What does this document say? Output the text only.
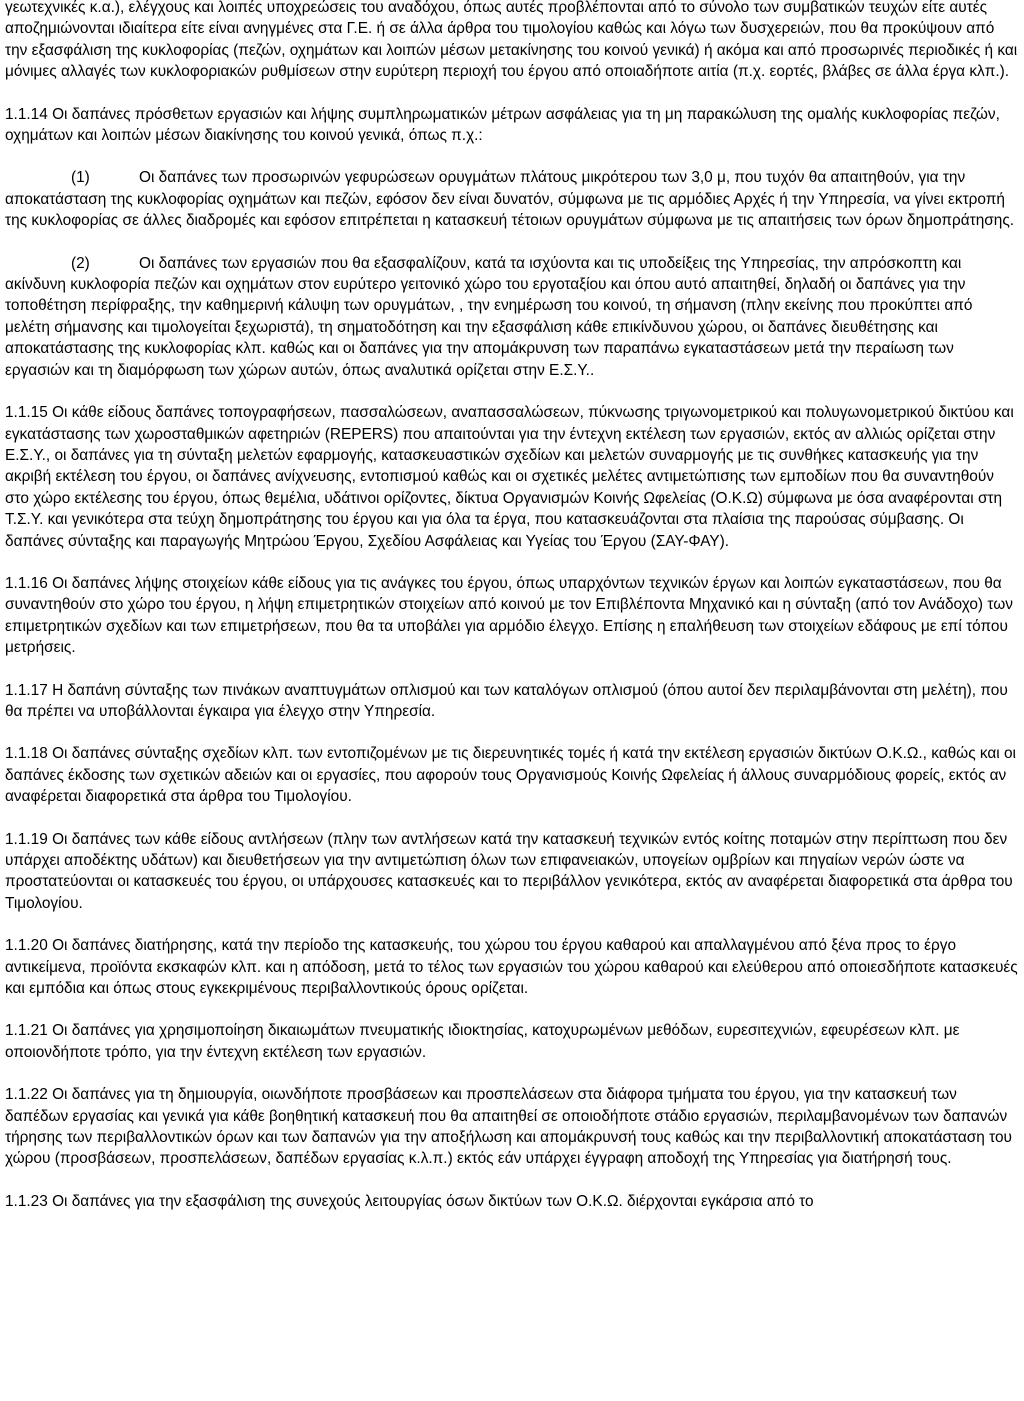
γεωτεχνικές κ.α.), ελέγχους και λοιπές υποχρεώσεις του αναδόχου, όπως αυτές προβλέπονται από το σύνολο των συμβατικών τευχών είτε αυτές αποζημιώνονται ιδιαίτερα είτε είναι ανηγμένες στα Γ.Ε. ή σε άλλα άρθρα του τιμολογίου καθώς και λόγω των δυσχερειών, που θα προκύψουν από την εξασφάλιση της κυκλοφορίας (πεζών, οχημάτων και λοιπών μέσων μετακίνησης του κοινού γενικά) ή ακόμα και από προσωρινές περιοδικές ή και μόνιμες αλλαγές των κυκλοφοριακών ρυθμίσεων στην ευρύτερη περιοχή του έργου από οποιαδήποτε αιτία (π.χ. εορτές, βλάβες σε άλλα έργα κλπ.).

1.1.14 Οι δαπάνες πρόσθετων εργασιών και λήψης συμπληρωματικών μέτρων ασφάλειας για τη μη παρακώλυση της ομαλής κυκλοφορίας πεζών, οχημάτων και λοιπών μέσων διακίνησης του κοινού γενικά, όπως π.χ.:

(1)	Οι δαπάνες των προσωρινών γεφυρώσεων ορυγμάτων πλάτους μικρότερου των 3,0 μ, που τυχόν θα απαιτηθούν, για την αποκατάσταση της κυκλοφορίας οχημάτων και πεζών, εφόσον δεν είναι δυνατόν, σύμφωνα με τις αρμόδιες Αρχές ή την Υπηρεσία, να γίνει εκτροπή της κυκλοφορίας σε άλλες διαδρομές και εφόσον επιτρέπεται η κατασκευή τέτοιων ορυγμάτων σύμφωνα με τις απαιτήσεις των όρων δημοπράτησης.

(2)	Οι δαπάνες των εργασιών που θα εξασφαλίζουν, κατά τα ισχύοντα και τις υποδείξεις της Υπηρεσίας, την απρόσκοπτη και ακίνδυνη κυκλοφορία πεζών και οχημάτων στον ευρύτερο γειτονικό χώρο του εργοταξίου και όπου αυτό απαιτηθεί, δηλαδή οι δαπάνες για την τοποθέτηση περίφραξης, την καθημερινή κάλυψη των ορυγμάτων, , την ενημέρωση του κοινού, τη σήμανση (πλην εκείνης που προκύπτει από μελέτη σήμανσης και τιμολογείται ξεχωριστά), τη σηματοδότηση και την εξασφάλιση κάθε επικίνδυνου χώρου, οι δαπάνες διευθέτησης και αποκατάστασης της κυκλοφορίας κλπ. καθώς και οι δαπάνες για την απομάκρυνση των παραπάνω εγκαταστάσεων μετά την περαίωση των εργασιών και τη διαμόρφωση των χώρων αυτών, όπως αναλυτικά ορίζεται στην Ε.Σ.Υ..

1.1.15 Οι κάθε είδους δαπάνες τοπογραφήσεων, πασσαλώσεων, αναπασσαλώσεων, πύκνωσης τριγωνομετρικού και πολυγωνομετρικού δικτύου και εγκατάστασης των χωροσταθμικών αφετηριών (REPERS) που απαιτούνται για την έντεχνη εκτέλεση των εργασιών, εκτός αν αλλιώς ορίζεται στην Ε.Σ.Υ., οι δαπάνες για τη σύνταξη μελετών εφαρμογής, κατασκευαστικών σχεδίων και μελετών συναρμογής με τις συνθήκες κατασκευής για την ακριβή εκτέλεση του έργου, οι δαπάνες ανίχνευσης, εντοπισμού καθώς και οι σχετικές μελέτες αντιμετώπισης των εμποδίων που θα συναντηθούν στο χώρο εκτέλεσης του έργου, όπως θεμέλια, υδάτινοι ορίζοντες, δίκτυα Οργανισμών Κοινής Ωφελείας (Ο.Κ.Ω) σύμφωνα με όσα αναφέρονται στη Τ.Σ.Υ. και γενικότερα στα τεύχη δημοπράτησης του έργου και για όλα τα έργα, που κατασκευάζονται στα πλαίσια της παρούσας σύμβασης. Οι δαπάνες σύνταξης και παραγωγής Μητρώου Έργου, Σχεδίου Ασφάλειας και Υγείας του Έργου (ΣΑΥ-ΦΑΥ).

1.1.16 Οι δαπάνες λήψης στοιχείων κάθε είδους για τις ανάγκες του έργου, όπως υπαρχόντων τεχνικών έργων και λοιπών εγκαταστάσεων, που θα συναντηθούν στο χώρο του έργου, η λήψη επιμετρητικών στοιχείων από κοινού με τον Επιβλέποντα Μηχανικό και η σύνταξη (από τον Ανάδοχο) των επιμετρητικών σχεδίων και των επιμετρήσεων, που θα τα υποβάλει για αρμόδιο έλεγχο. Επίσης η επαλήθευση των στοιχείων εδάφους με επί τόπου μετρήσεις.

1.1.17 Η δαπάνη σύνταξης των πινάκων αναπτυγμάτων οπλισμού και των καταλόγων οπλισμού (όπου αυτοί δεν περιλαμβάνονται στη μελέτη), που θα πρέπει να υποβάλλονται έγκαιρα για έλεγχο στην Υπηρεσία.

1.1.18 Οι δαπάνες σύνταξης σχεδίων κλπ. των εντοπιζομένων με τις διερευνητικές τομές ή κατά την εκτέλεση εργασιών δικτύων Ο.Κ.Ω., καθώς και οι δαπάνες έκδοσης των σχετικών αδειών και οι εργασίες, που αφορούν τους Οργανισμούς Κοινής Ωφελείας ή άλλους συναρμόδιους φορείς, εκτός αν αναφέρεται διαφορετικά στα άρθρα του Τιμολογίου.

1.1.19 Οι δαπάνες των κάθε είδους αντλήσεων (πλην των αντλήσεων κατά την κατασκευή τεχνικών εντός κοίτης ποταμών στην περίπτωση που δεν υπάρχει αποδέκτης υδάτων) και διευθετήσεων για την αντιμετώπιση όλων των επιφανειακών, υπογείων ομβρίων και πηγαίων νερών ώστε να προστατεύονται οι κατασκευές του έργου, οι υπάρχουσες κατασκευές και το περιβάλλον γενικότερα, εκτός αν αναφέρεται διαφορετικά στα άρθρα του Τιμολογίου.

1.1.20 Οι δαπάνες διατήρησης, κατά την περίοδο της κατασκευής, του χώρου του έργου καθαρού και απαλλαγμένου από ξένα προς το έργο αντικείμενα, προϊόντα εκσκαφών κλπ. και η απόδοση, μετά το τέλος των εργασιών του χώρου καθαρού και ελεύθερου από οποιεσδήποτε κατασκευές και εμπόδια και όπως στους εγκεκριμένους περιβαλλοντικούς όρους ορίζεται.

1.1.21 Οι δαπάνες για χρησιμοποίηση δικαιωμάτων πνευματικής ιδιοκτησίας, κατοχυρωμένων μεθόδων, ευρεσιτεχνιών, εφευρέσεων κλπ. με οποιονδήποτε τρόπο, για την έντεχνη εκτέλεση των εργασιών.

1.1.22 Οι δαπάνες για τη δημιουργία, οιωνδήποτε προσβάσεων και προσπελάσεων στα διάφορα τμήματα του έργου, για την κατασκευή των δαπέδων εργασίας και γενικά για κάθε βοηθητική κατασκευή που θα απαιτηθεί σε οποιοδήποτε στάδιο εργασιών, περιλαμβανομένων των δαπανών τήρησης των περιβαλλοντικών όρων και των δαπανών για την αποξήλωση και απομάκρυνσή τους καθώς και την περιβαλλοντική αποκατάσταση του χώρου (προσβάσεων, προσπελάσεων, δαπέδων εργασίας κ.λ.π.) εκτός εάν υπάρχει έγγραφη αποδοχή της Υπηρεσίας για διατήρησή τους.

1.1.23 Οι δαπάνες για την εξασφάλιση της συνεχούς λειτουργίας όσων δικτύων των Ο.Κ.Ω. διέρχονται εγκάρσια από το
